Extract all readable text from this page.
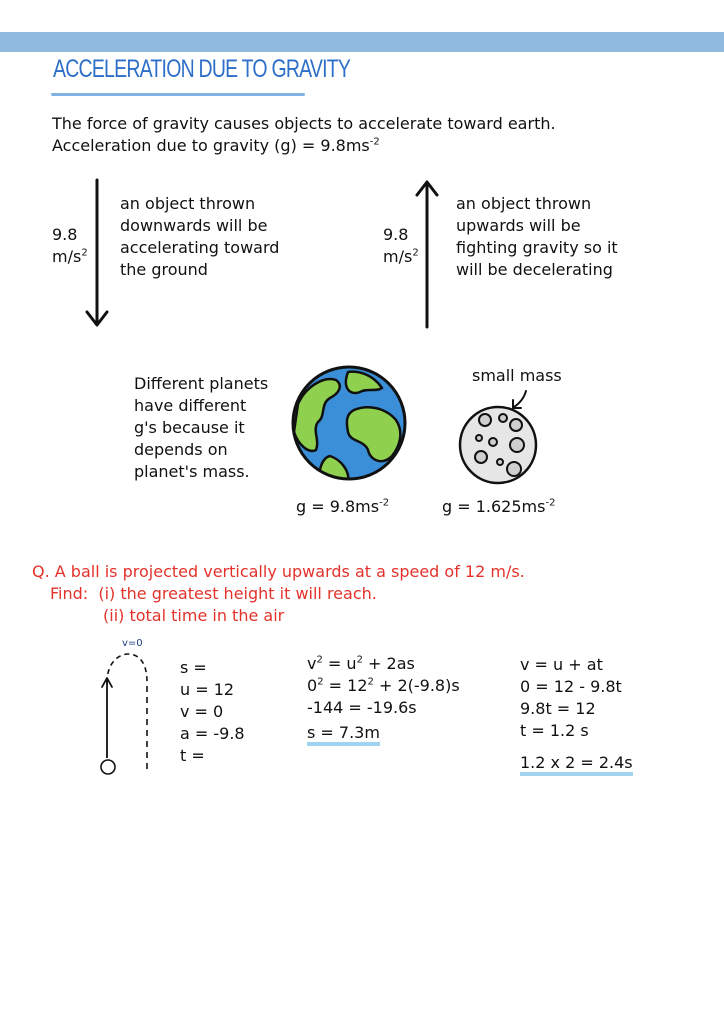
ACCELERATION DUE TO GRAVITY
The force of gravity causes objects to accelerate toward earth.
Acceleration due to gravity $(g) = 9.8ms^{-2}$
9.8
$m/s^2$
an object thrown
downwards will be
accelerating toward
the ground
9.8
$m/s^2$
an object thrown
upwards will be
fighting gravity so it
will be decelerating
Different planets
have different
g's because it
depends on
planet's mass.
small mass
$g = 9.8ms^{-2}$	$g = 1.625ms^{-2}$
Q. A ball is projected vertically upwards at a speed of 12 m/s.
Find: (i) the greatest height it will reach.
(ii) total time in the air
v=0
s =
u = 12
v = 0
a = -9.8
t =
$v^2 = u^2 + 2as$
$0^2 = 12^2 + 2(-9.8)s$
-144 = -19.6s
s = 7.3m
v = u + at
0 = 12 - 9.8t
9.8t = 12
t = 1.2 s
1.2 x 2 = 2.4s
